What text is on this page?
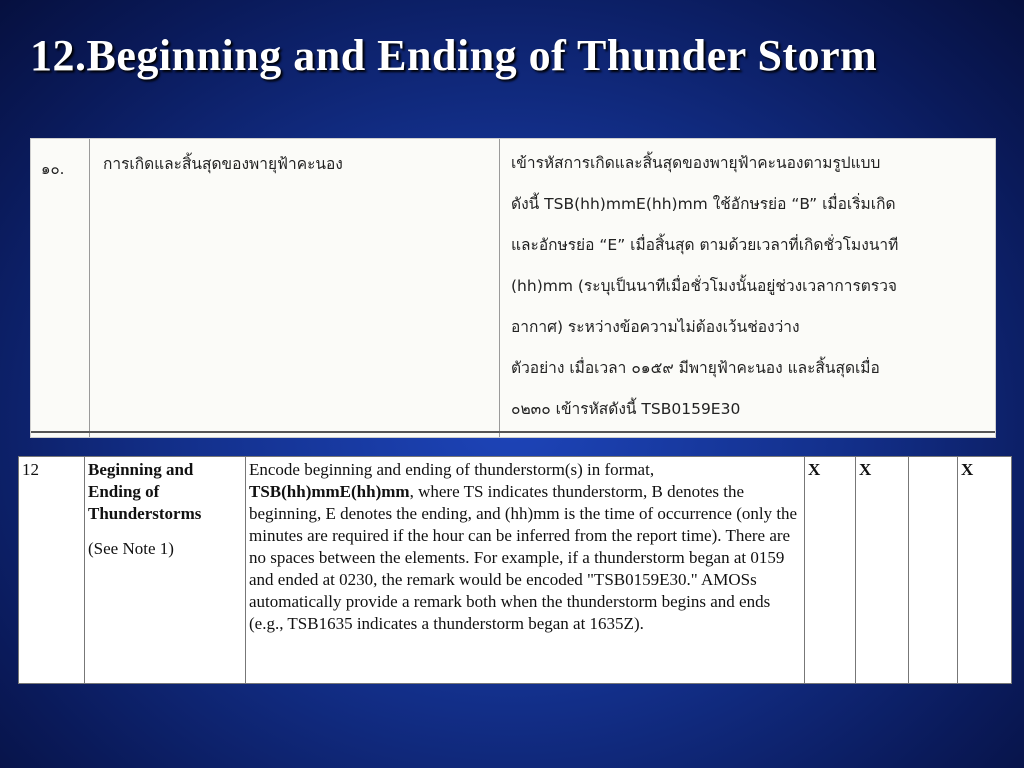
12.Beginning and Ending of Thunder Storm
๑๐. การเกิดและสิ้นสุดของพายุฟ้าคะนอง	เข้ารหัสการเกิดและสิ้นสุดของพายุฟ้าคะนองตามรูปแบบ
ดังนี้ TSB(hh)mmE(hh)mm ใช้อักษรย่อ “B” เมื่อเริ่มเกิด
และอักษรย่อ “E” เมื่อสิ้นสุด ตามด้วยเวลาที่เกิดชั่วโมงนาที
(hh)mm (ระบุเป็นนาทีเมื่อชั่วโมงนั้นอยู่ช่วงเวลาการตรวจ
อากาศ) ระหว่างข้อความไม่ต้องเว้นช่องว่าง
ตัวอย่าง เมื่อเวลา ๐๑๕๙ มีพายุฟ้าคะนอง และสิ้นสุดเมื่อ
๐๒๓๐ เข้ารหัสดังนี้ TSB0159E30
12	Beginning and Ending of Thunderstorms
(See Note 1)
	Encode beginning and ending of thunderstorm(s) in format, TSB(hh)mmE(hh)mm, where TS indicates thunderstorm, B denotes the beginning, E denotes the ending, and (hh)mm is the time of occurrence (only the minutes are required if the hour can be inferred from the report time). There are no spaces between the elements. For example, if a thunderstorm began at 0159 and ended at 0230, the remark would be encoded "TSB0159E30." AMOSs automatically provide a remark both when the thunderstorm begins and ends (e.g., TSB1635 indicates a thunderstorm began at 1635Z).	X	X		X
